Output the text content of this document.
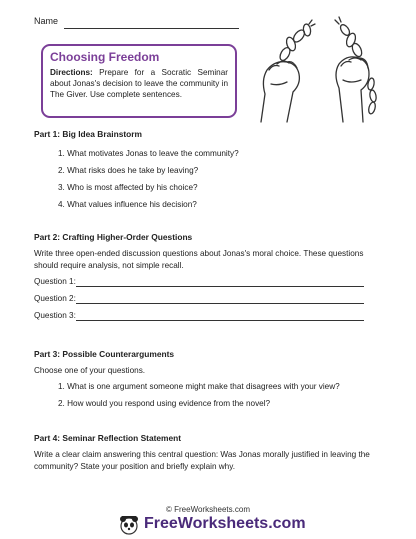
Name
Choosing Freedom
Directions: Prepare for a Socratic Seminar about Jonas's decision to leave the community in The Giver. Use complete sentences.
Part 1: Big Idea Brainstorm
1. What motivates Jonas to leave the community?
2. What risks does he take by leaving?
3. Who is most affected by his choice?
4. What values influence his decision?
Part 2: Crafting Higher-Order Questions
Write three open-ended discussion questions about Jonas's moral choice. These questions should require analysis, not simple recall.
Question 1:
Question 2:
Question 3:
Part 3: Possible Counterarguments
Choose one of your questions.
1. What is one argument someone might make that disagrees with your view?
2. How would you respond using evidence from the novel?
Part 4: Seminar Reflection Statement
Write a clear claim answering this central question: Was Jonas morally justified in leaving the community? State your position and briefly explain why.
© FreeWorksheets.com
FreeWorksheets.com
